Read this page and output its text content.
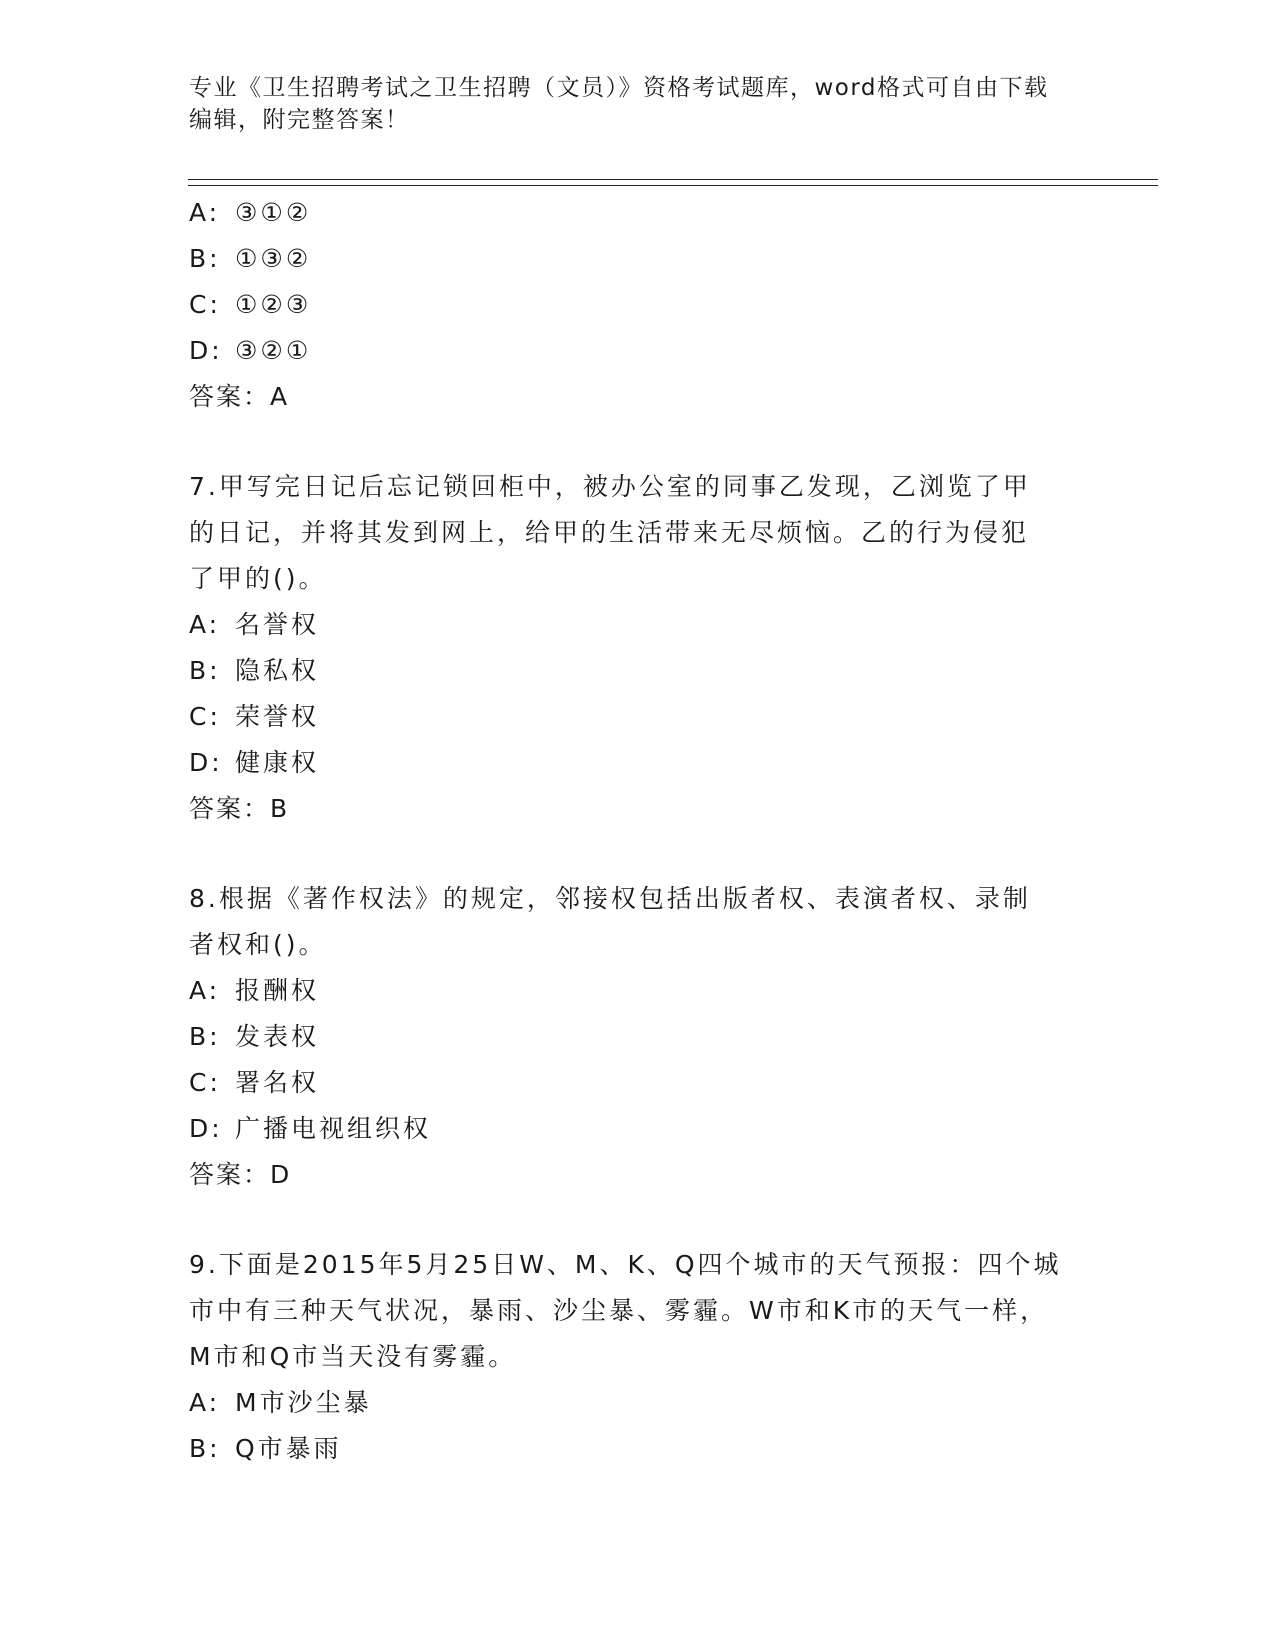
专业《卫生招聘考试之卫生招聘（文员）》资格考试题库，word格式可自由下载
编辑，附完整答案！
A: ③①②
B: ①③②
C: ①②③
D: ③②①
答案：A
7.甲写完日记后忘记锁回柜中，被办公室的同事乙发现，乙浏览了甲
的日记，并将其发到网上，给甲的生活带来无尽烦恼。乙的行为侵犯
了甲的()。
A: 名誉权
B: 隐私权
C: 荣誉权
D: 健康权
答案：B
8.根据《著作权法》的规定，邻接权包括出版者权、表演者权、录制
者权和()。
A: 报酬权
B: 发表权
C: 署名权
D: 广播电视组织权
答案：D
9.下面是2015年5月25日W、M、K、Q四个城市的天气预报：四个城
市中有三种天气状况，暴雨、沙尘暴、雾霾。W市和K市的天气一样，
M市和Q市当天没有雾霾。
A: M市沙尘暴
B: Q市暴雨
